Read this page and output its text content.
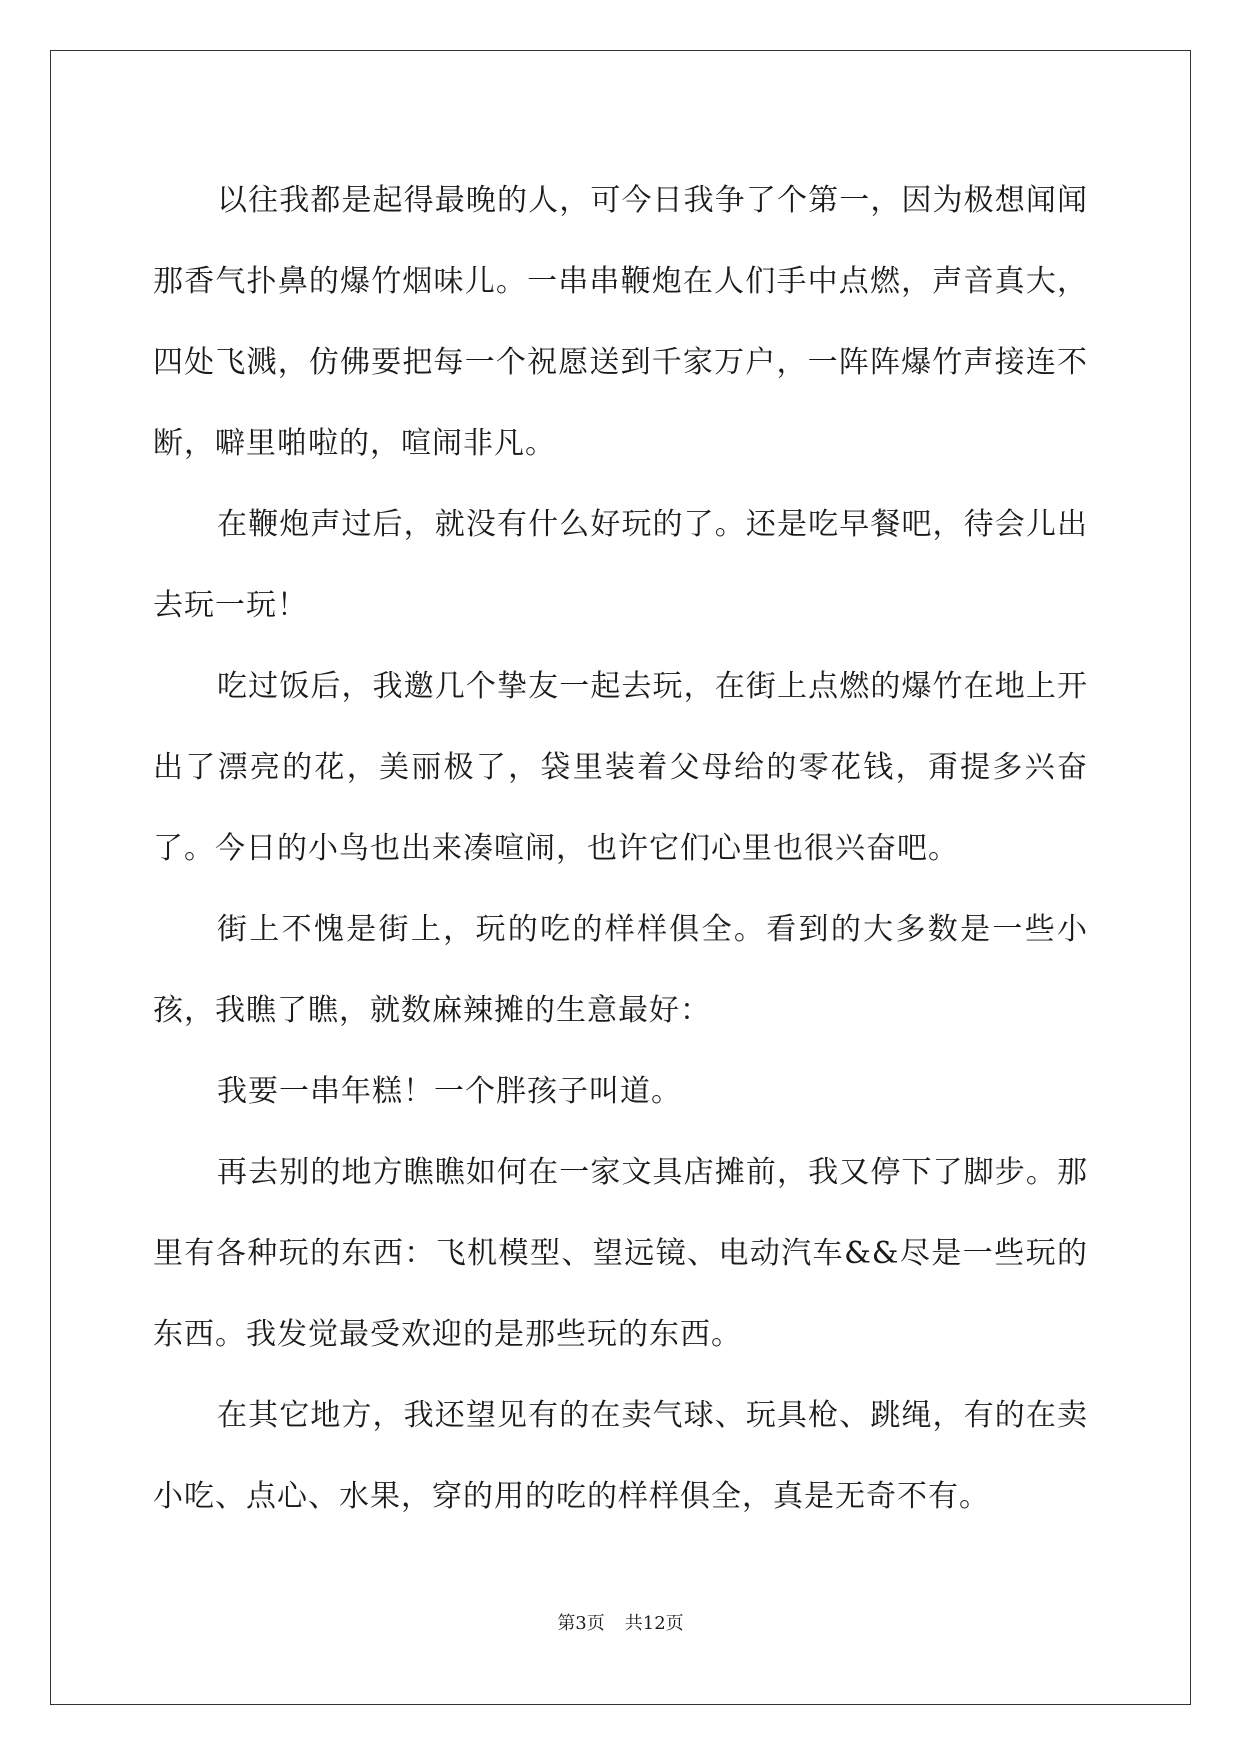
以往我都是起得最晚的人，可今日我争了个第一，因为极想闻闻那香气扑鼻的爆竹烟味儿。一串串鞭炮在人们手中点燃，声音真大，四处飞溅，仿佛要把每一个祝愿送到千家万户，一阵阵爆竹声接连不断，噼里啪啦的，喧闹非凡。

在鞭炮声过后，就没有什么好玩的了。还是吃早餐吧，待会儿出去玩一玩！

吃过饭后，我邀几个挚友一起去玩，在街上点燃的爆竹在地上开出了漂亮的花，美丽极了，袋里装着父母给的零花钱，甭提多兴奋了。今日的小鸟也出来凑喧闹，也许它们心里也很兴奋吧。

街上不愧是街上，玩的吃的样样俱全。看到的大多数是一些小孩，我瞧了瞧，就数麻辣摊的生意最好：

我要一串年糕！一个胖孩子叫道。

再去别的地方瞧瞧如何在一家文具店摊前，我又停下了脚步。那里有各种玩的东西：飞机模型、望远镜、电动汽车&&尽是一些玩的东西。我发觉最受欢迎的是那些玩的东西。

在其它地方，我还望见有的在卖气球、玩具枪、跳绳，有的在卖小吃、点心、水果，穿的用的吃的样样俱全，真是无奇不有。

第3页 共12页
